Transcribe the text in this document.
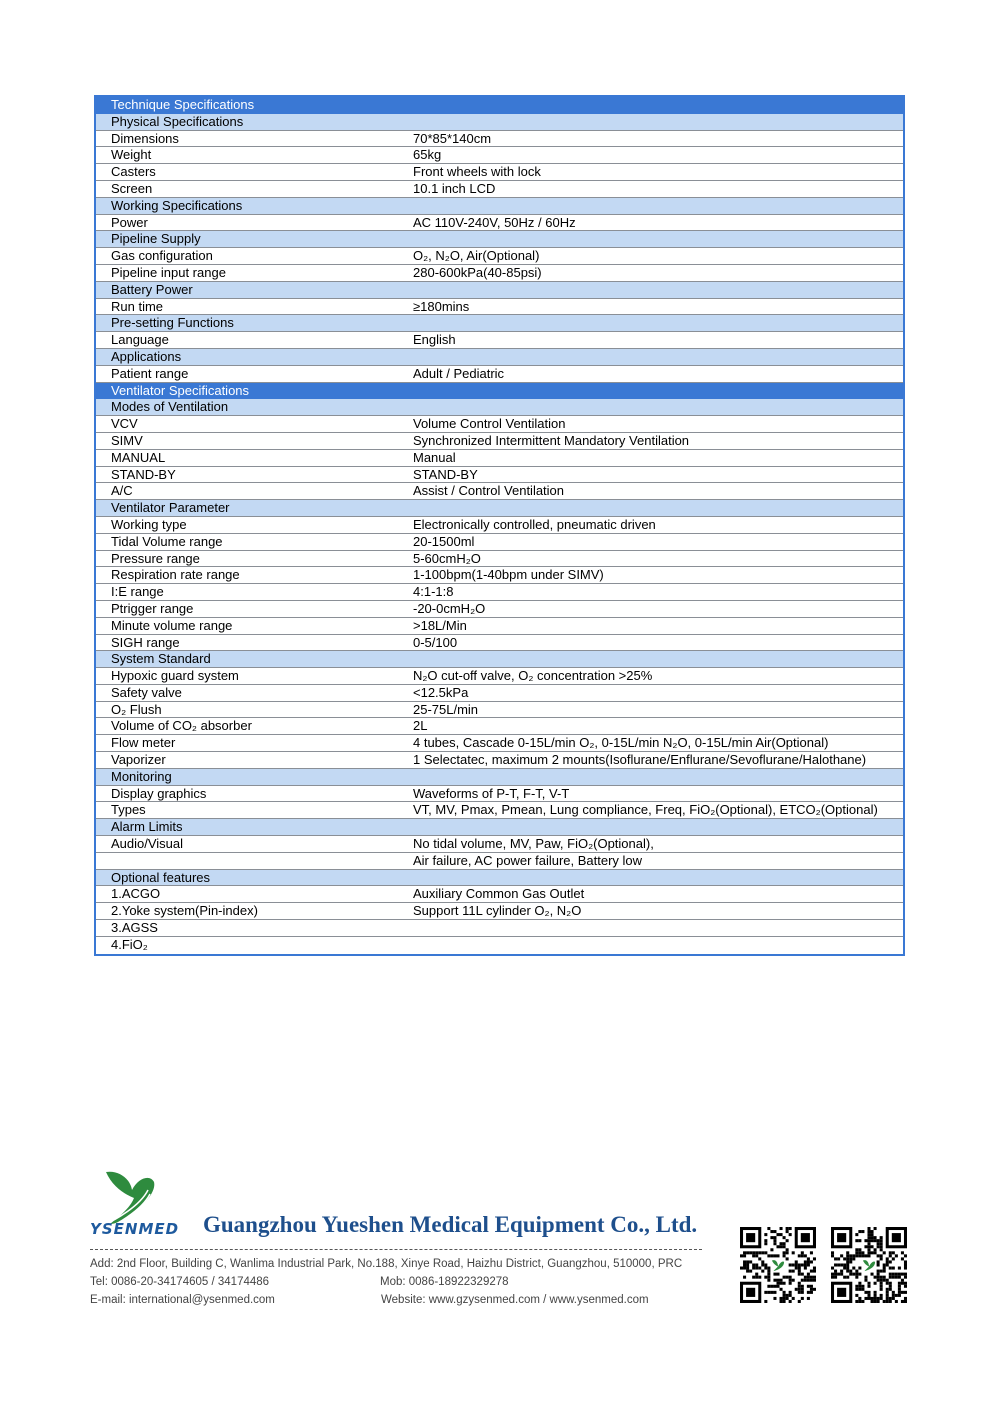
Technique Specifications
Physical Specifications
Dimensions	70*85*140cm
Weight	65kg
Casters	Front wheels with lock
Screen	10.1 inch LCD
Working Specifications
Power	AC 110V-240V, 50Hz / 60Hz
Pipeline Supply
Gas configuration	O₂, N₂O, Air(Optional)
Pipeline input range	280-600kPa(40-85psi)
Battery Power
Run time	≥180mins
Pre-setting Functions
Language	English
Applications
Patient range	Adult / Pediatric
Ventilator Specifications
Modes of Ventilation
VCV	Volume Control Ventilation
SIMV	Synchronized Intermittent Mandatory Ventilation
MANUAL	Manual
STAND-BY	STAND-BY
A/C	Assist / Control Ventilation
Ventilator Parameter
Working type	Electronically controlled, pneumatic driven
Tidal Volume range	20-1500ml
Pressure range	5-60cmH₂O
Respiration rate range	1-100bpm(1-40bpm under SIMV)
I:E range	4:1-1:8
Ptrigger range	-20-0cmH₂O
Minute volume range	>18L/Min
SIGH range	0-5/100
System Standard
Hypoxic guard system	N₂O cut-off valve, O₂ concentration >25%
Safety valve	<12.5kPa
O₂ Flush	25-75L/min
Volume of CO₂ absorber	2L
Flow meter	4 tubes, Cascade 0-15L/min O₂, 0-15L/min N₂O, 0-15L/min Air(Optional)
Vaporizer	1 Selectatec, maximum 2 mounts(Isoflurane/Enflurane/Sevoflurane/Halothane)
Monitoring
Display graphics	Waveforms of P-T, F-T, V-T
Types	VT, MV, Pmax, Pmean, Lung compliance, Freq, FiO₂(Optional), ETCO₂(Optional)
Alarm Limits
Audio/Visual	No tidal volume, MV, Paw, FiO₂(Optional),
Air failure, AC power failure, Battery low
Optional features
1.ACGO	Auxiliary Common Gas Outlet
2.Yoke system(Pin-index)	Support 11L cylinder O₂, N₂O
3.AGSS
4.FiO₂
YSENMED Guangzhou Yueshen Medical Equipment Co., Ltd.
Add: 2nd Floor, Building C, Wanlima Industrial Park, No.188, Xinye Road, Haizhu District, Guangzhou, 510000, PRC
Tel: 0086-20-34174605 / 34174486	Mob: 0086-18922329278
E-mail: international@ysenmed.com	Website: www.gzysenmed.com / www.ysenmed.com
